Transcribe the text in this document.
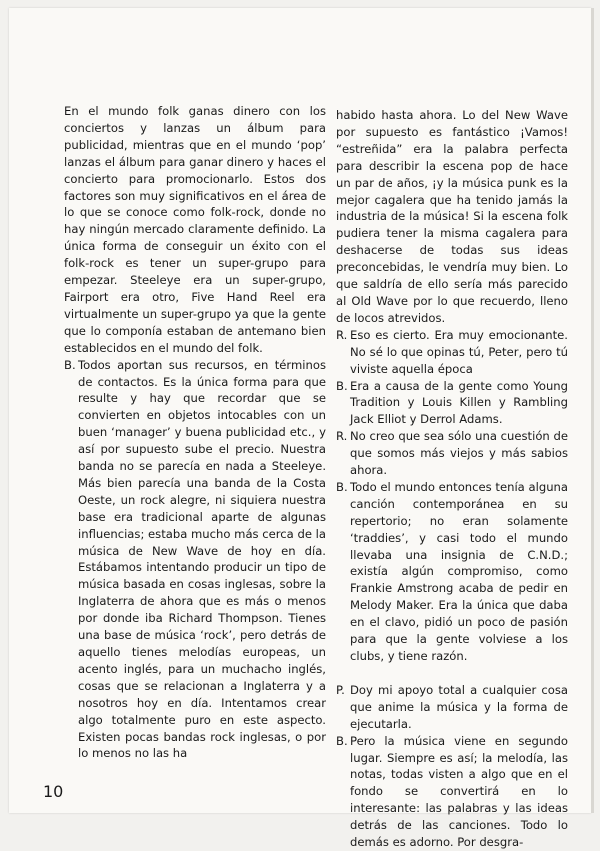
En el mundo folk ganas dinero con los conciertos y lanzas un álbum para publicidad, mientras que en el mundo ‘pop’ lanzas el álbum para ganar dinero y haces el concierto para promocionarlo. Estos dos factores son muy significativos en el área de lo que se conoce como folk-rock, donde no hay ningún mercado claramente definido. La única forma de conseguir un éxito con el folk-rock es tener un super-grupo para empezar. Steeleye era un super-grupo, Fairport era otro, Five Hand Reel era virtualmente un super-grupo ya que la gente que lo componía estaban de antemano bien establecidos en el mundo del folk.

B. Todos aportan sus recursos, en términos de contactos. Es la única forma para que resulte y hay que recordar que se convierten en objetos intocables con un buen ‘manager’ y buena publicidad etc., y así por supuesto sube el precio. Nuestra banda no se parecía en nada a Steeleye. Más bien parecía una banda de la Costa Oeste, un rock alegre, ni siquiera nuestra base era tradicional aparte de algunas influencias; estaba mucho más cerca de la música de New Wave de hoy en día. Estábamos intentando producir un tipo de música basada en cosas inglesas, sobre la Inglaterra de ahora que es más o menos por donde iba Richard Thompson. Tienes una base de música ‘rock’, pero detrás de aquello tienes melodías europeas, un acento inglés, para un muchacho inglés, cosas que se relacionan a Inglaterra y a nosotros hoy en día. Intentamos crear algo totalmente puro en este aspecto. Existen pocas bandas rock inglesas, o por lo menos no las ha

habido hasta ahora. Lo del New Wave por supuesto es fantástico ¡Vamos! “estreñida” era la palabra perfecta para describir la escena pop de hace un par de años, ¡y la música punk es la mejor cagalera que ha tenido jamás la industria de la música! Si la escena folk pudiera tener la misma cagalera para deshacerse de todas sus ideas preconcebidas, le vendría muy bien. Lo que saldría de ello sería más parecido al Old Wave por lo que recuerdo, lleno de locos atrevidos.

R. Eso es cierto. Era muy emocionante. No sé lo que opinas tú, Peter, pero tú viviste aquella época
B. Era a causa de la gente como Young Tradition y Louis Killen y Rambling Jack Elliot y Derrol Adams.
R. No creo que sea sólo una cuestión de que somos más viejos y más sabios ahora.
B. Todo el mundo entonces tenía alguna canción contemporánea en su repertorio; no eran solamente ‘traddies’, y casi todo el mundo llevaba una insignia de C.N.D.; existía algún compromiso, como Frankie Amstrong acaba de pedir en Melody Maker. Era la única que daba en el clavo, pidió un poco de pasión para que la gente volviese a los clubs, y tiene razón.
P. Doy mi apoyo total a cualquier cosa que anime la música y la forma de ejecutarla.
B. Pero la música viene en segundo lugar. Siempre es así; la melodía, las notas, todas visten a algo que en el fondo se convertirá en lo interesante: las palabras y las ideas detrás de las canciones. Todo lo demás es adorno. Por desgra-
10
